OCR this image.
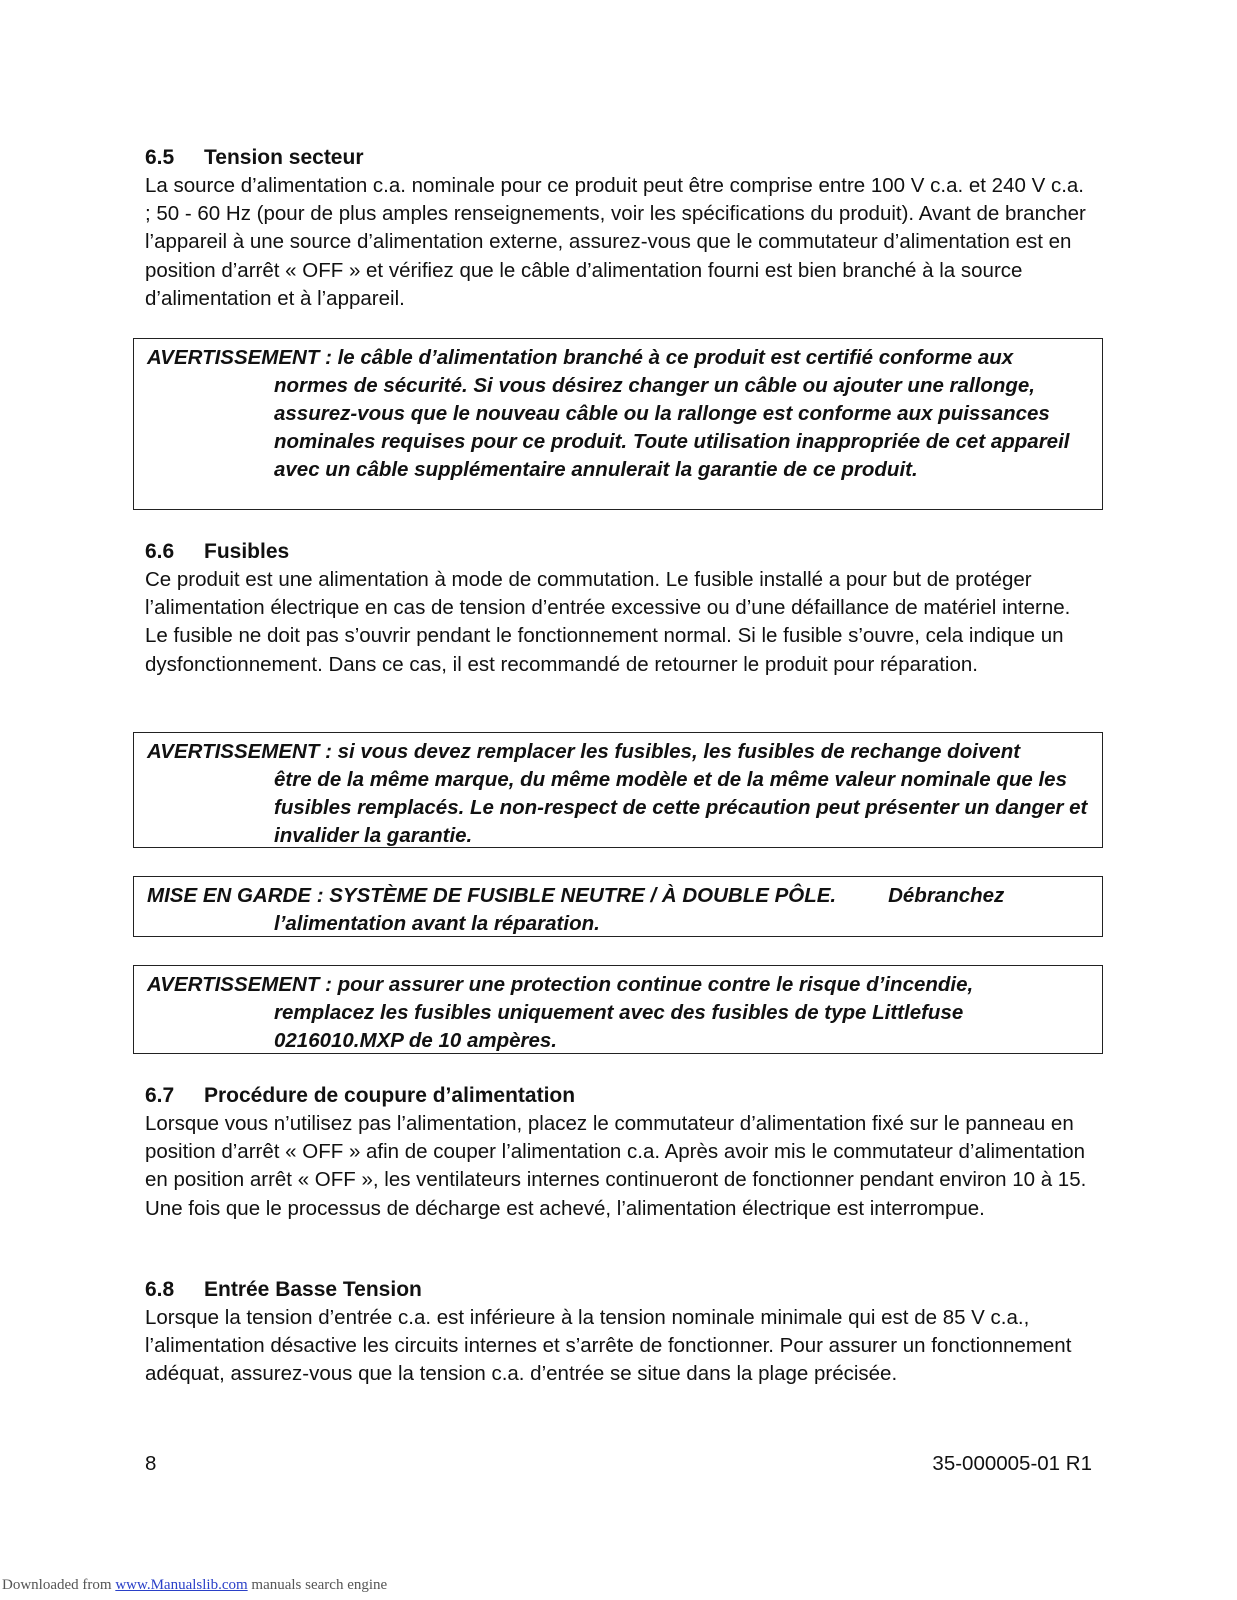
6.5 Tension secteur

La source d’alimentation c.a. nominale pour ce produit peut être comprise entre 100 V c.a. et 240 V c.a. ; 50 - 60 Hz (pour de plus amples renseignements, voir les spécifications du produit). Avant de brancher l’appareil à une source d’alimentation externe, assurez-vous que le commutateur d’alimentation est en position d’arrêt « OFF » et vérifiez que le câble d’alimentation fourni est bien branché à la source d’alimentation et à l’appareil.

AVERTISSEMENT : le câble d’alimentation branché à ce produit est certifié conforme aux
normes de sécurité. Si vous désirez changer un câble ou ajouter une rallonge, assurez-vous que le nouveau câble ou la rallonge est conforme aux puissances nominales requises pour ce produit. Toute utilisation inappropriée de cet appareil avec un câble supplémentaire annulerait la garantie de ce produit.
6.6 Fusibles

Ce produit est une alimentation à mode de commutation. Le fusible installé a pour but de protéger l’alimentation électrique en cas de tension d’entrée excessive ou d’une défaillance de matériel interne. Le fusible ne doit pas s’ouvrir pendant le fonctionnement normal. Si le fusible s’ouvre, cela indique un dysfonctionnement. Dans ce cas, il est recommandé de retourner le produit pour réparation.

AVERTISSEMENT : si vous devez remplacer les fusibles, les fusibles de rechange doivent
être de la même marque, du même modèle et de la même valeur nominale que les fusibles remplacés. Le non-respect de cette précaution peut présenter un danger et invalider la garantie.
MISE EN GARDE : SYSTÈME DE FUSIBLE NEUTRE / À DOUBLE PÔLE.	Débranchez
l’alimentation avant la réparation.
AVERTISSEMENT : pour assurer une protection continue contre le risque d’incendie,
remplacez les fusibles uniquement avec des fusibles de type Littlefuse 0216010.MXP de 10 ampères.
6.7 Procédure de coupure d’alimentation

Lorsque vous n’utilisez pas l’alimentation, placez le commutateur d’alimentation fixé sur le panneau en position d’arrêt « OFF » afin de couper l’alimentation c.a. Après avoir mis le commutateur d’alimentation en position arrêt « OFF », les ventilateurs internes continueront de fonctionner pendant environ 10 à 15. Une fois que le processus de décharge est achevé, l’alimentation électrique est interrompue.

6.8 Entrée Basse Tension

Lorsque la tension d’entrée c.a. est inférieure à la tension nominale minimale qui est de 85 V c.a., l’alimentation désactive les circuits internes et s’arrête de fonctionner. Pour assurer un fonctionnement adéquat, assurez-vous que la tension c.a. d’entrée se situe dans la plage précisée.

8	35-000005-01 R1
Downloaded from www.Manualslib.com manuals search engine
